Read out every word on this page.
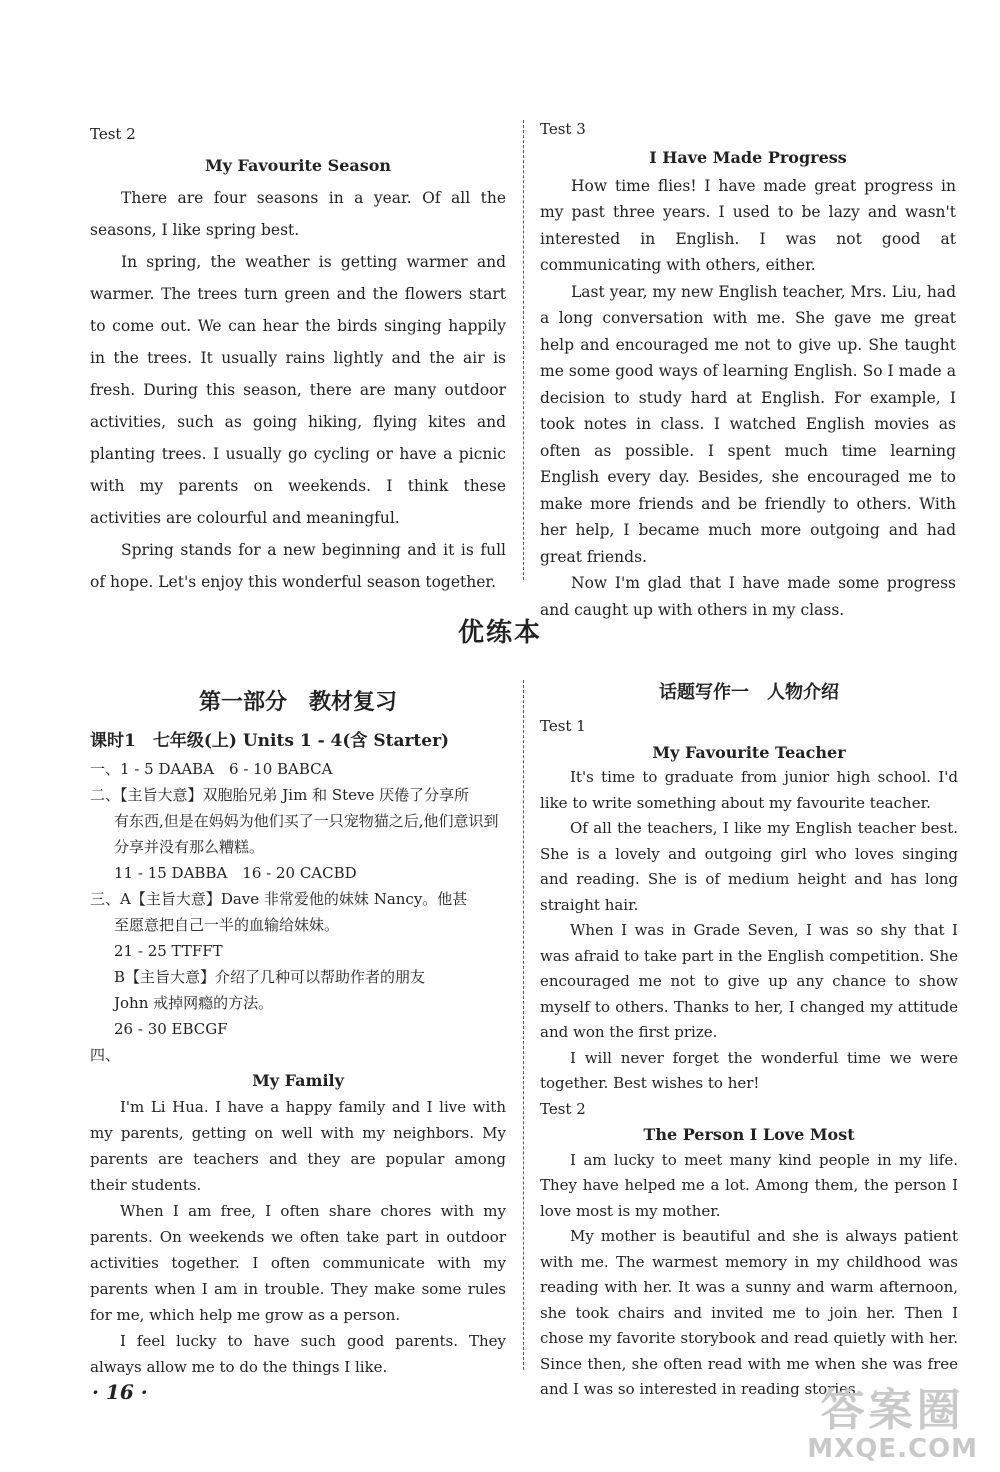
Test 2
My Favourite Season

There are four seasons in a year. Of all the seasons, I like spring best.

In spring, the weather is getting warmer and warmer. The trees turn green and the flowers start to come out. We can hear the birds singing happily in the trees. It usually rains lightly and the air is fresh. During this season, there are many outdoor activities, such as going hiking, flying kites and planting trees. I usually go cycling or have a picnic with my parents on weekends. I think these activities are colourful and meaningful.

Spring stands for a new beginning and it is full of hope. Let's enjoy this wonderful season together.

Test 3
I Have Made Progress

How time flies! I have made great progress in my past three years. I used to be lazy and wasn't interested in English. I was not good at communicating with others, either.

Last year, my new English teacher, Mrs. Liu, had a long conversation with me. She gave me great help and encouraged me not to give up. She taught me some good ways of learning English. So I made a decision to study hard at English. For example, I took notes in class. I watched English movies as often as possible. I spent much time learning English every day. Besides, she encouraged me to make more friends and be friendly to others. With her help, I became much more outgoing and had great friends.

Now I'm glad that I have made some progress and caught up with others in my class.

优练本
第一部分　教材复习
课时1　七年级(上) Units 1 - 4(含 Starter)
一、1 - 5 DAABA　6 - 10 BABCA
二、【主旨大意】双胞胎兄弟 Jim 和 Steve 厌倦了分享所
有东西,但是在妈妈为他们买了一只宠物猫之后,他们意识到分享并没有那么糟糕。
11 - 15 DABBA　16 - 20 CACBD
三、A【主旨大意】Dave 非常爱他的妹妹 Nancy。他甚
至愿意把自己一半的血输给妹妹。
21 - 25 TTFFT
B【主旨大意】介绍了几种可以帮助作者的朋友
John 戒掉网瘾的方法。
26 - 30 EBCGF
四、
My Family

I'm Li Hua. I have a happy family and I live with my parents, getting on well with my neighbors. My parents are teachers and they are popular among their students.

When I am free, I often share chores with my parents. On weekends we often take part in outdoor activities together. I often communicate with my parents when I am in trouble. They make some rules for me, which help me grow as a person.

I feel lucky to have such good parents. They always allow me to do the things I like.

话题写作一　人物介绍
Test 1
My Favourite Teacher

It's time to graduate from junior high school. I'd like to write something about my favourite teacher.

Of all the teachers, I like my English teacher best. She is a lovely and outgoing girl who loves singing and reading. She is of medium height and has long straight hair.

When I was in Grade Seven, I was so shy that I was afraid to take part in the English competition. She encouraged me not to give up any chance to show myself to others. Thanks to her, I changed my attitude and won the first prize.

I will never forget the wonderful time we were together. Best wishes to her!

Test 2
The Person I Love Most

I am lucky to meet many kind people in my life. They have helped me a lot. Among them, the person I love most is my mother.

My mother is beautiful and she is always patient with me. The warmest memory in my childhood was reading with her. It was a sunny and warm afternoon, she took chairs and invited me to join her. Then I chose my favorite storybook and read quietly with her. Since then, she often read with me when she was free and I was so interested in reading stories.

· 16 ·	答案圈
MXQE.COM
